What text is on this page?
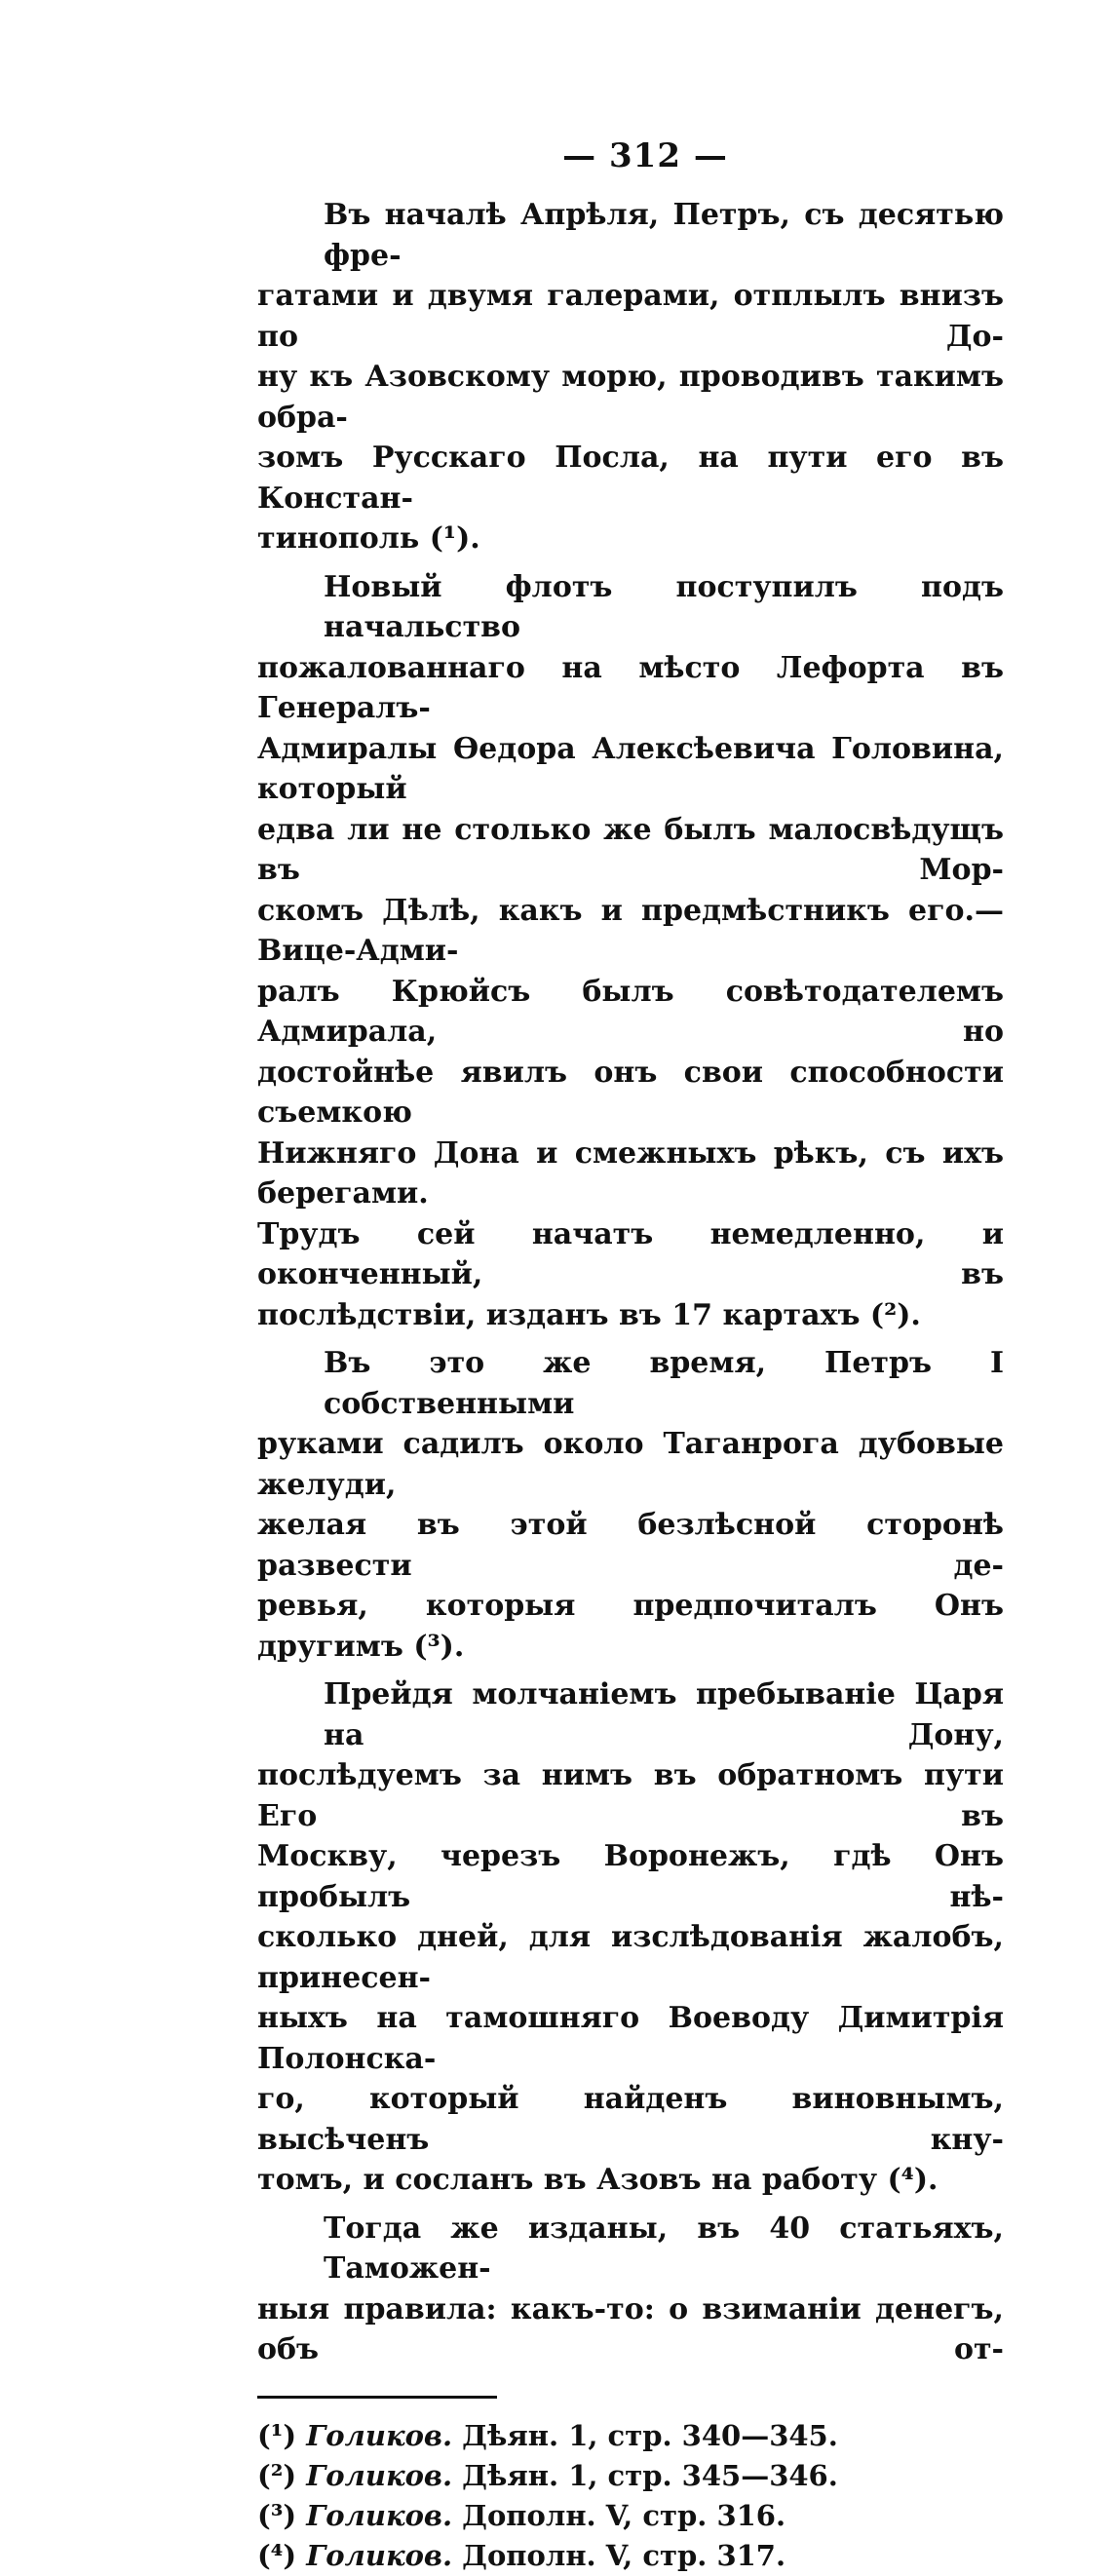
— 312 —

Въ началѣ Апрѣля, Петръ, съ десятью фре-
гатами и двумя галерами, отплылъ внизъ по До-
ну къ Азовскому морю, проводивъ такимъ обра-
зомъ Русскаго Посла, на пути его въ Констан-
тинополь (¹).

Новый флотъ поступилъ подъ начальство
пожалованнаго на мѣсто Лефорта въ Генералъ-
Адмиралы Өедора Алексѣевича Головина, который
едва ли не столько же былъ малосвѣдущъ въ Мор-
скомъ Дѣлѣ, какъ и предмѣстникъ его.— Вице-Адми-
ралъ Крюйсъ былъ совѣтодателемъ Адмирала, но
достойнѣе явилъ онъ свои способности съемкою
Нижняго Дона и смежныхъ рѣкъ, съ ихъ берегами.
Трудъ сей начатъ немедленно, и оконченный, въ
послѣдствіи, изданъ въ 17 картахъ (²).

Въ это же время, Петръ I собственными
руками садилъ около Таганрога дубовые желуди,
желая въ этой безлѣсной сторонѣ развести де-
ревья, которыя предпочиталъ Онъ другимъ (³).

Прейдя молчаніемъ пребываніе Царя на Дону,
послѣдуемъ за нимъ въ обратномъ пути Его въ
Москву, черезъ Воронежъ, гдѣ Онъ пробылъ нѣ-
сколько дней, для изслѣдованія жалобъ, принесен-
ныхъ на тамошняго Воеводу Димитрія Полонска-
го, который найденъ виновнымъ, высѣченъ кну-
томъ, и сосланъ въ Азовъ на работу (⁴).

Тогда же изданы, въ 40 статьяхъ, Таможен-
ныя правила: какъ-то: о взиманіи денегъ, объ от-

(¹) Голиков. Дѣян. 1, стр. 340—345.
(²) Голиков. Дѣян. 1, стр. 345—346.
(³) Голиков. Дополн. V, стр. 316.
(⁴) Голиков. Дополн. V, стр. 317.
